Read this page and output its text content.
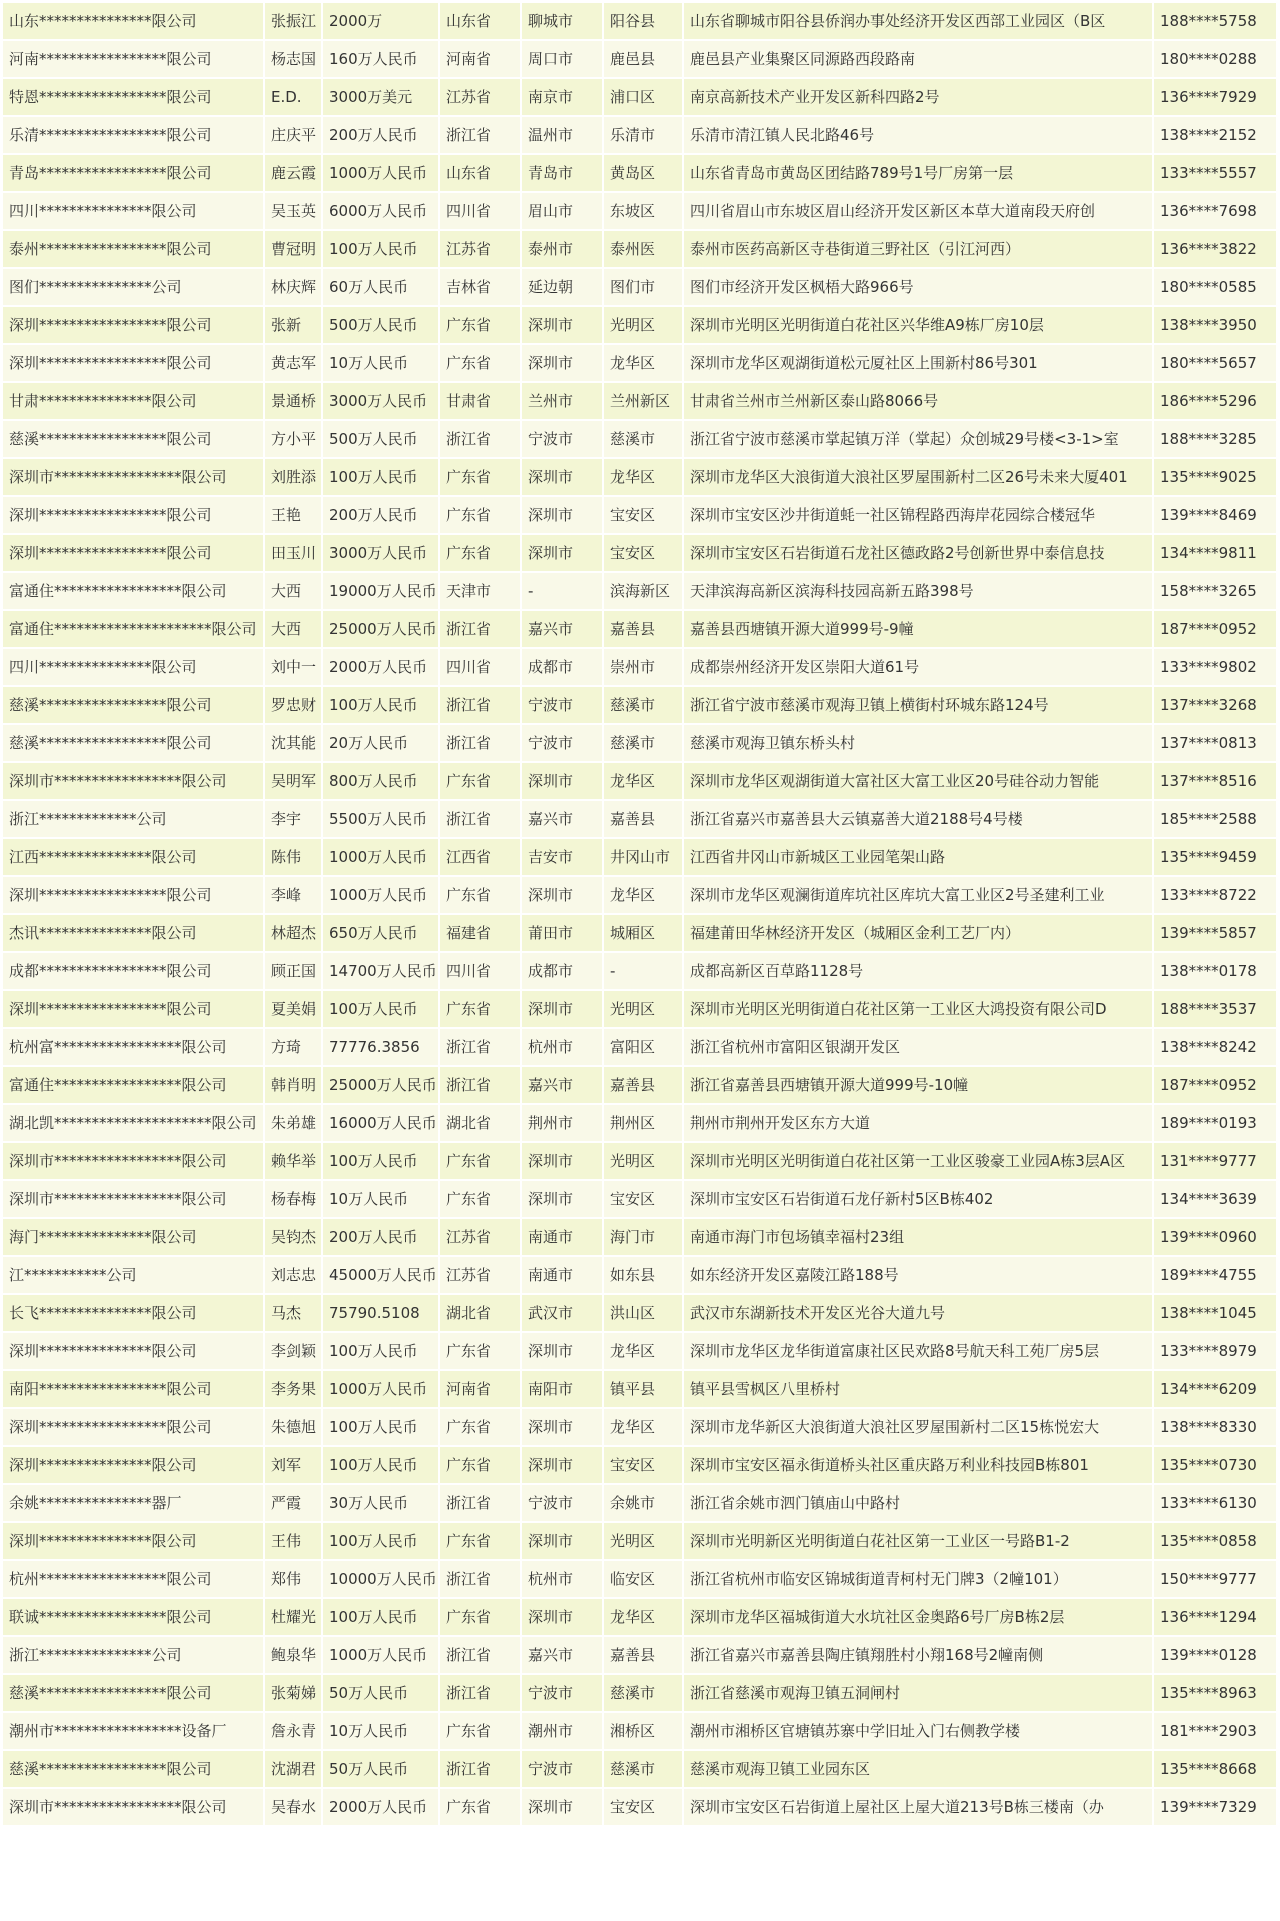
山东***************限公司	张振江	2000万	山东省	聊城市	阳谷县	山东省聊城市阳谷县侨润办事处经济开发区西部工业园区（B区	188****5758
河南*****************限公司	杨志国	160万人民币	河南省	周口市	鹿邑县	鹿邑县产业集聚区同源路西段路南	180****0288
特恩*****************限公司	E.D.	3000万美元	江苏省	南京市	浦口区	南京高新技术产业开发区新科四路2号	136****7929
乐清*****************限公司	庄庆平	200万人民币	浙江省	温州市	乐清市	乐清市清江镇人民北路46号	138****2152
青岛*****************限公司	鹿云霞	1000万人民币	山东省	青岛市	黄岛区	山东省青岛市黄岛区团结路789号1号厂房第一层	133****5557
四川***************限公司	吴玉英	6000万人民币	四川省	眉山市	东坡区	四川省眉山市东坡区眉山经济开发区新区本草大道南段天府创	136****7698
泰州*****************限公司	曹冠明	100万人民币	江苏省	泰州市	泰州医	泰州市医药高新区寺巷街道三野社区（引江河西）	136****3822
图们***************公司	林庆辉	60万人民币	吉林省	延边朝	图们市	图们市经济开发区枫梧大路966号	180****0585
深圳*****************限公司	张新	500万人民币	广东省	深圳市	光明区	深圳市光明区光明街道白花社区兴华维A9栋厂房10层	138****3950
深圳*****************限公司	黄志军	10万人民币	广东省	深圳市	龙华区	深圳市龙华区观湖街道松元厦社区上围新村86号301	180****5657
甘肃***************限公司	景通桥	3000万人民币	甘肃省	兰州市	兰州新区	甘肃省兰州市兰州新区泰山路8066号	186****5296
慈溪*****************限公司	方小平	500万人民币	浙江省	宁波市	慈溪市	浙江省宁波市慈溪市掌起镇万洋（掌起）众创城29号楼<3-1>室	188****3285
深圳市*****************限公司	刘胜添	100万人民币	广东省	深圳市	龙华区	深圳市龙华区大浪街道大浪社区罗屋围新村二区26号未来大厦401	135****9025
深圳*****************限公司	王艳	200万人民币	广东省	深圳市	宝安区	深圳市宝安区沙井街道蚝一社区锦程路西海岸花园综合楼冠华	139****8469
深圳*****************限公司	田玉川	3000万人民币	广东省	深圳市	宝安区	深圳市宝安区石岩街道石龙社区德政路2号创新世界中泰信息技	134****9811
富通住*****************限公司	大西	19000万人民币	天津市	-	滨海新区	天津滨海高新区滨海科技园高新五路398号	158****3265
富通住*********************限公司	大西	25000万人民币	浙江省	嘉兴市	嘉善县	嘉善县西塘镇开源大道999号-9幢	187****0952
四川***************限公司	刘中一	2000万人民币	四川省	成都市	崇州市	成都崇州经济开发区崇阳大道61号	133****9802
慈溪*****************限公司	罗忠财	100万人民币	浙江省	宁波市	慈溪市	浙江省宁波市慈溪市观海卫镇上横街村环城东路124号	137****3268
慈溪*****************限公司	沈其能	20万人民币	浙江省	宁波市	慈溪市	慈溪市观海卫镇东桥头村	137****0813
深圳市*****************限公司	吴明军	800万人民币	广东省	深圳市	龙华区	深圳市龙华区观湖街道大富社区大富工业区20号硅谷动力智能	137****8516
浙江*************公司	李宇	5500万人民币	浙江省	嘉兴市	嘉善县	浙江省嘉兴市嘉善县大云镇嘉善大道2188号4号楼	185****2588
江西***************限公司	陈伟	1000万人民币	江西省	吉安市	井冈山市	江西省井冈山市新城区工业园笔架山路	135****9459
深圳*****************限公司	李峰	1000万人民币	广东省	深圳市	龙华区	深圳市龙华区观澜街道库坑社区库坑大富工业区2号圣建利工业	133****8722
杰讯***************限公司	林超杰	650万人民币	福建省	莆田市	城厢区	福建莆田华林经济开发区（城厢区金利工艺厂内）	139****5857
成都*****************限公司	顾正国	14700万人民币	四川省	成都市	-	成都高新区百草路1128号	138****0178
深圳*****************限公司	夏美娟	100万人民币	广东省	深圳市	光明区	深圳市光明区光明街道白花社区第一工业区大鸿投资有限公司D	188****3537
杭州富*****************限公司	方琦	77776.3856	浙江省	杭州市	富阳区	浙江省杭州市富阳区银湖开发区	138****8242
富通住*****************限公司	韩肖明	25000万人民币	浙江省	嘉兴市	嘉善县	浙江省嘉善县西塘镇开源大道999号-10幢	187****0952
湖北凯*********************限公司	朱弟雄	16000万人民币	湖北省	荆州市	荆州区	荆州市荆州开发区东方大道	189****0193
深圳市*****************限公司	赖华举	100万人民币	广东省	深圳市	光明区	深圳市光明区光明街道白花社区第一工业区骏豪工业园A栋3层A区	131****9777
深圳市*****************限公司	杨春梅	10万人民币	广东省	深圳市	宝安区	深圳市宝安区石岩街道石龙仔新村5区B栋402	134****3639
海门***************限公司	吴钧杰	200万人民币	江苏省	南通市	海门市	南通市海门市包场镇幸福村23组	139****0960
江***********公司	刘志忠	45000万人民币	江苏省	南通市	如东县	如东经济开发区嘉陵江路188号	189****4755
长飞***************限公司	马杰	75790.5108	湖北省	武汉市	洪山区	武汉市东湖新技术开发区光谷大道九号	138****1045
深圳***************限公司	李剑颖	100万人民币	广东省	深圳市	龙华区	深圳市龙华区龙华街道富康社区民欢路8号航天科工苑厂房5层	133****8979
南阳*****************限公司	李务果	1000万人民币	河南省	南阳市	镇平县	镇平县雪枫区八里桥村	134****6209
深圳*****************限公司	朱德旭	100万人民币	广东省	深圳市	龙华区	深圳市龙华新区大浪街道大浪社区罗屋围新村二区15栋悦宏大	138****8330
深圳***************限公司	刘军	100万人民币	广东省	深圳市	宝安区	深圳市宝安区福永街道桥头社区重庆路万利业科技园B栋801	135****0730
余姚***************器厂	严霞	30万人民币	浙江省	宁波市	余姚市	浙江省余姚市泗门镇庙山中路村	133****6130
深圳***************限公司	王伟	100万人民币	广东省	深圳市	光明区	深圳市光明新区光明街道白花社区第一工业区一号路B1-2	135****0858
杭州*****************限公司	郑伟	10000万人民币	浙江省	杭州市	临安区	浙江省杭州市临安区锦城街道青柯村无门牌3（2幢101）	150****9777
联诚*****************限公司	杜耀光	100万人民币	广东省	深圳市	龙华区	深圳市龙华区福城街道大水坑社区金奥路6号厂房B栋2层	136****1294
浙江***************公司	鲍泉华	1000万人民币	浙江省	嘉兴市	嘉善县	浙江省嘉兴市嘉善县陶庄镇翔胜村小翔168号2幢南侧	139****0128
慈溪*****************限公司	张菊娣	50万人民币	浙江省	宁波市	慈溪市	浙江省慈溪市观海卫镇五洞闸村	135****8963
潮州市*****************设备厂	詹永青	10万人民币	广东省	潮州市	湘桥区	潮州市湘桥区官塘镇苏寨中学旧址入门右侧教学楼	181****2903
慈溪*****************限公司	沈湖君	50万人民币	浙江省	宁波市	慈溪市	慈溪市观海卫镇工业园东区	135****8668
深圳市*****************限公司	吴春水	2000万人民币	广东省	深圳市	宝安区	深圳市宝安区石岩街道上屋社区上屋大道213号B栋三楼南（办	139****7329
